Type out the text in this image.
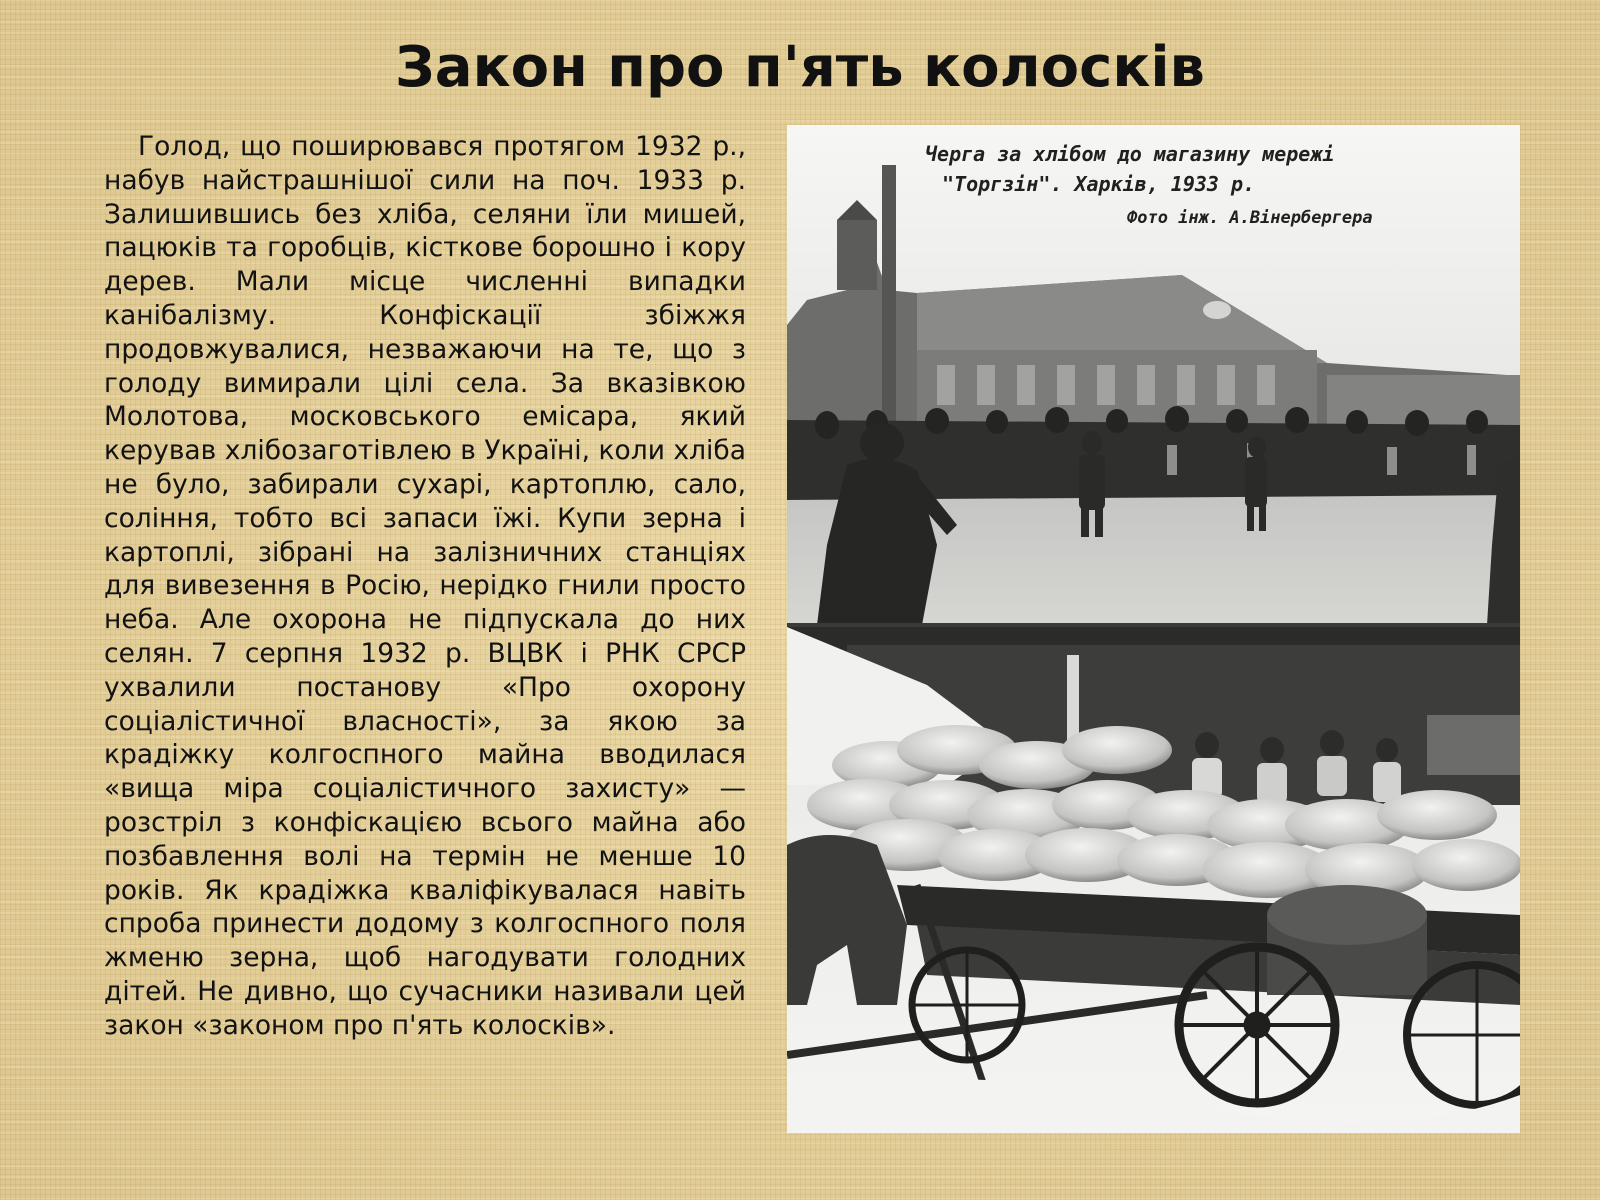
Закон про п'ять колосків

Голод, що поширювався протягом 1932 р., набув найстрашнішої сили на поч. 1933 р. Залишившись без хліба, селяни їли мишей, пацюків та горобців, кісткове борошно і кору дерев. Мали місце численні випадки канібалізму. Конфіскації збіжжя продовжувалися, незважаючи на те, що з голоду вимирали цілі села. За вказівкою Молотова, московського емісара, який керував хлібозаготівлею в Україні, коли хліба не було, забирали сухарі, картоплю, сало, соління, тобто всі запаси їжі. Купи зерна і картоплі, зібрані на залізничних станціях для вивезення в Росію, нерідко гнили просто неба. Але охорона не підпускала до них селян. 7 серпня 1932 р. ВЦВК і РНК СРСР ухвалили постанову «Про охорону соціалістичної власності», за якою за крадіжку колгоспного майна вводилася «вища міра соціалістичного захисту» — розстріл з конфіскацією всього майна або позбавлення волі на термін не менше 10 років. Як крадіжка кваліфікувалася навіть спроба принести додому з колгоспного поля жменю зерна, щоб нагодувати голодних дітей. Не дивно, що сучасники називали цей закон «законом про п'ять колосків».

Черга за хлібом до магазину мережі
"Торгзін". Харків, 1933 р.
Фото інж. А.Вінербергера
